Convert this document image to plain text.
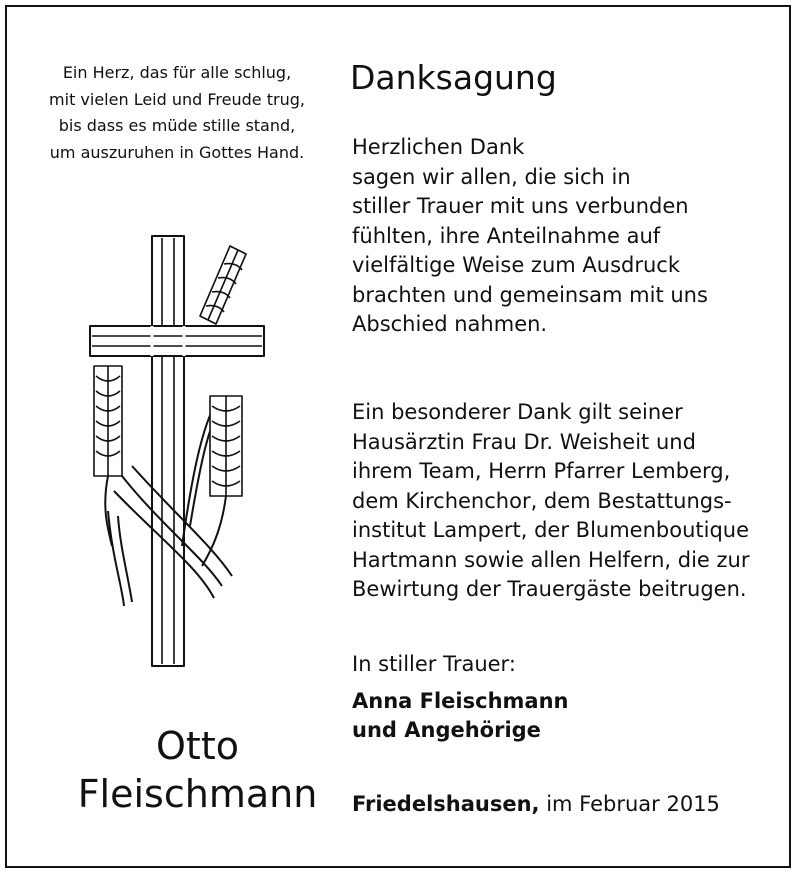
Ein Herz, das für alle schlug,
mit vielen Leid und Freude trug,
bis dass es müde stille stand,
um auszuruhen in Gottes Hand.
Otto
Fleischmann
Danksagung
Herzlichen Dank
sagen wir allen, die sich in
stiller Trauer mit uns verbunden
fühlten, ihre Anteilnahme auf
vielfältige Weise zum Ausdruck
brachten und gemeinsam mit uns
Abschied nahmen.
Ein besonderer Dank gilt seiner
Hausärztin Frau Dr. Weisheit und
ihrem Team, Herrn Pfarrer Lemberg,
dem Kirchenchor, dem Bestattungs-
institut Lampert, der Blumenboutique
Hartmann sowie allen Helfern, die zur
Bewirtung der Trauergäste beitrugen.
In stiller Trauer:
Anna Fleischmann
und Angehörige
Friedelshausen, im Februar 2015
